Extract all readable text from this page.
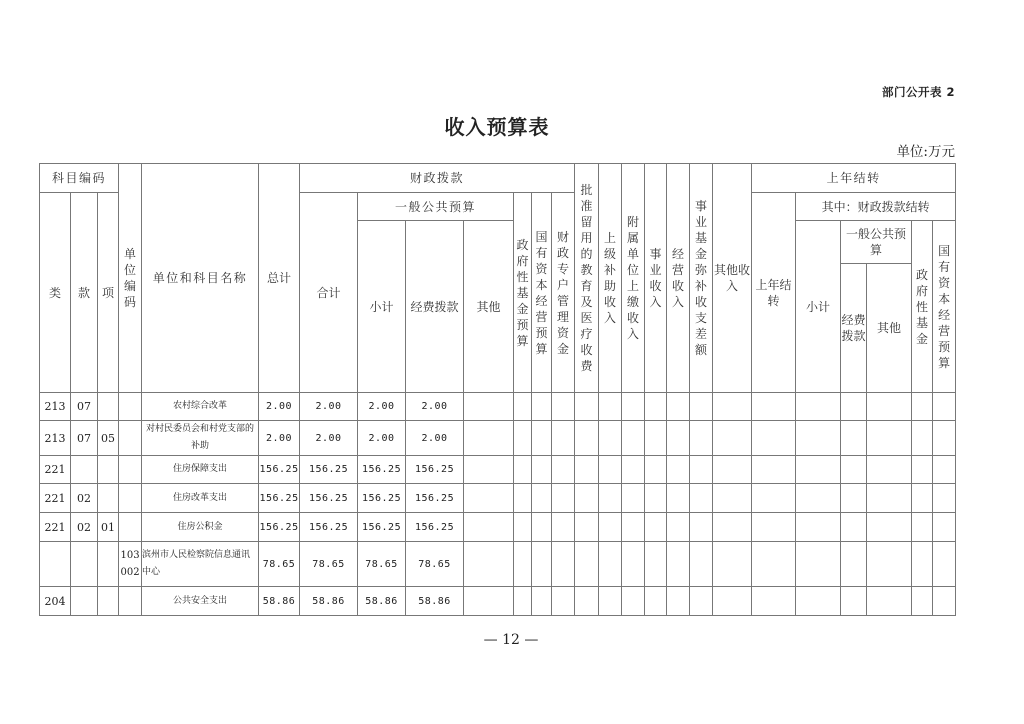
部门公开表 2
收入预算表
单位:万元
科目编码			单位编码	单位和科目名称	总计	财政拨款							批准留用的教育及医疗收费	上级补助收入	附属单位上缴收入	事业收入	经营收入	事业基金弥补收支差额	其他收入	上年结转					
类	款	项				合计	一般公共预算			政府性基金预算	国有资本经营预算	财政专户管理资金								上年结转	其中：财政拨款结转				
							小计	经费拨款	其他												小计	一般公共预算		政府性基金	国有资本经营预算
																						经费拨款	其他		
213	07			农村综合改革	2.00	2.00	2.00	2.00																	
213	07	05		对村民委员会和村党支部的补助	2.00	2.00	2.00	2.00																	
221				住房保障支出	156.25	156.25	156.25	156.25																	
221	02			住房改革支出	156.25	156.25	156.25	156.25																	
221	02	01		住房公积金	156.25	156.25	156.25	156.25																	
			103002	滨州市人民检察院信息通讯中心	78.65	78.65	78.65	78.65																	
204				公共安全支出	58.86	58.86	58.86	58.86																	
— 12 —
